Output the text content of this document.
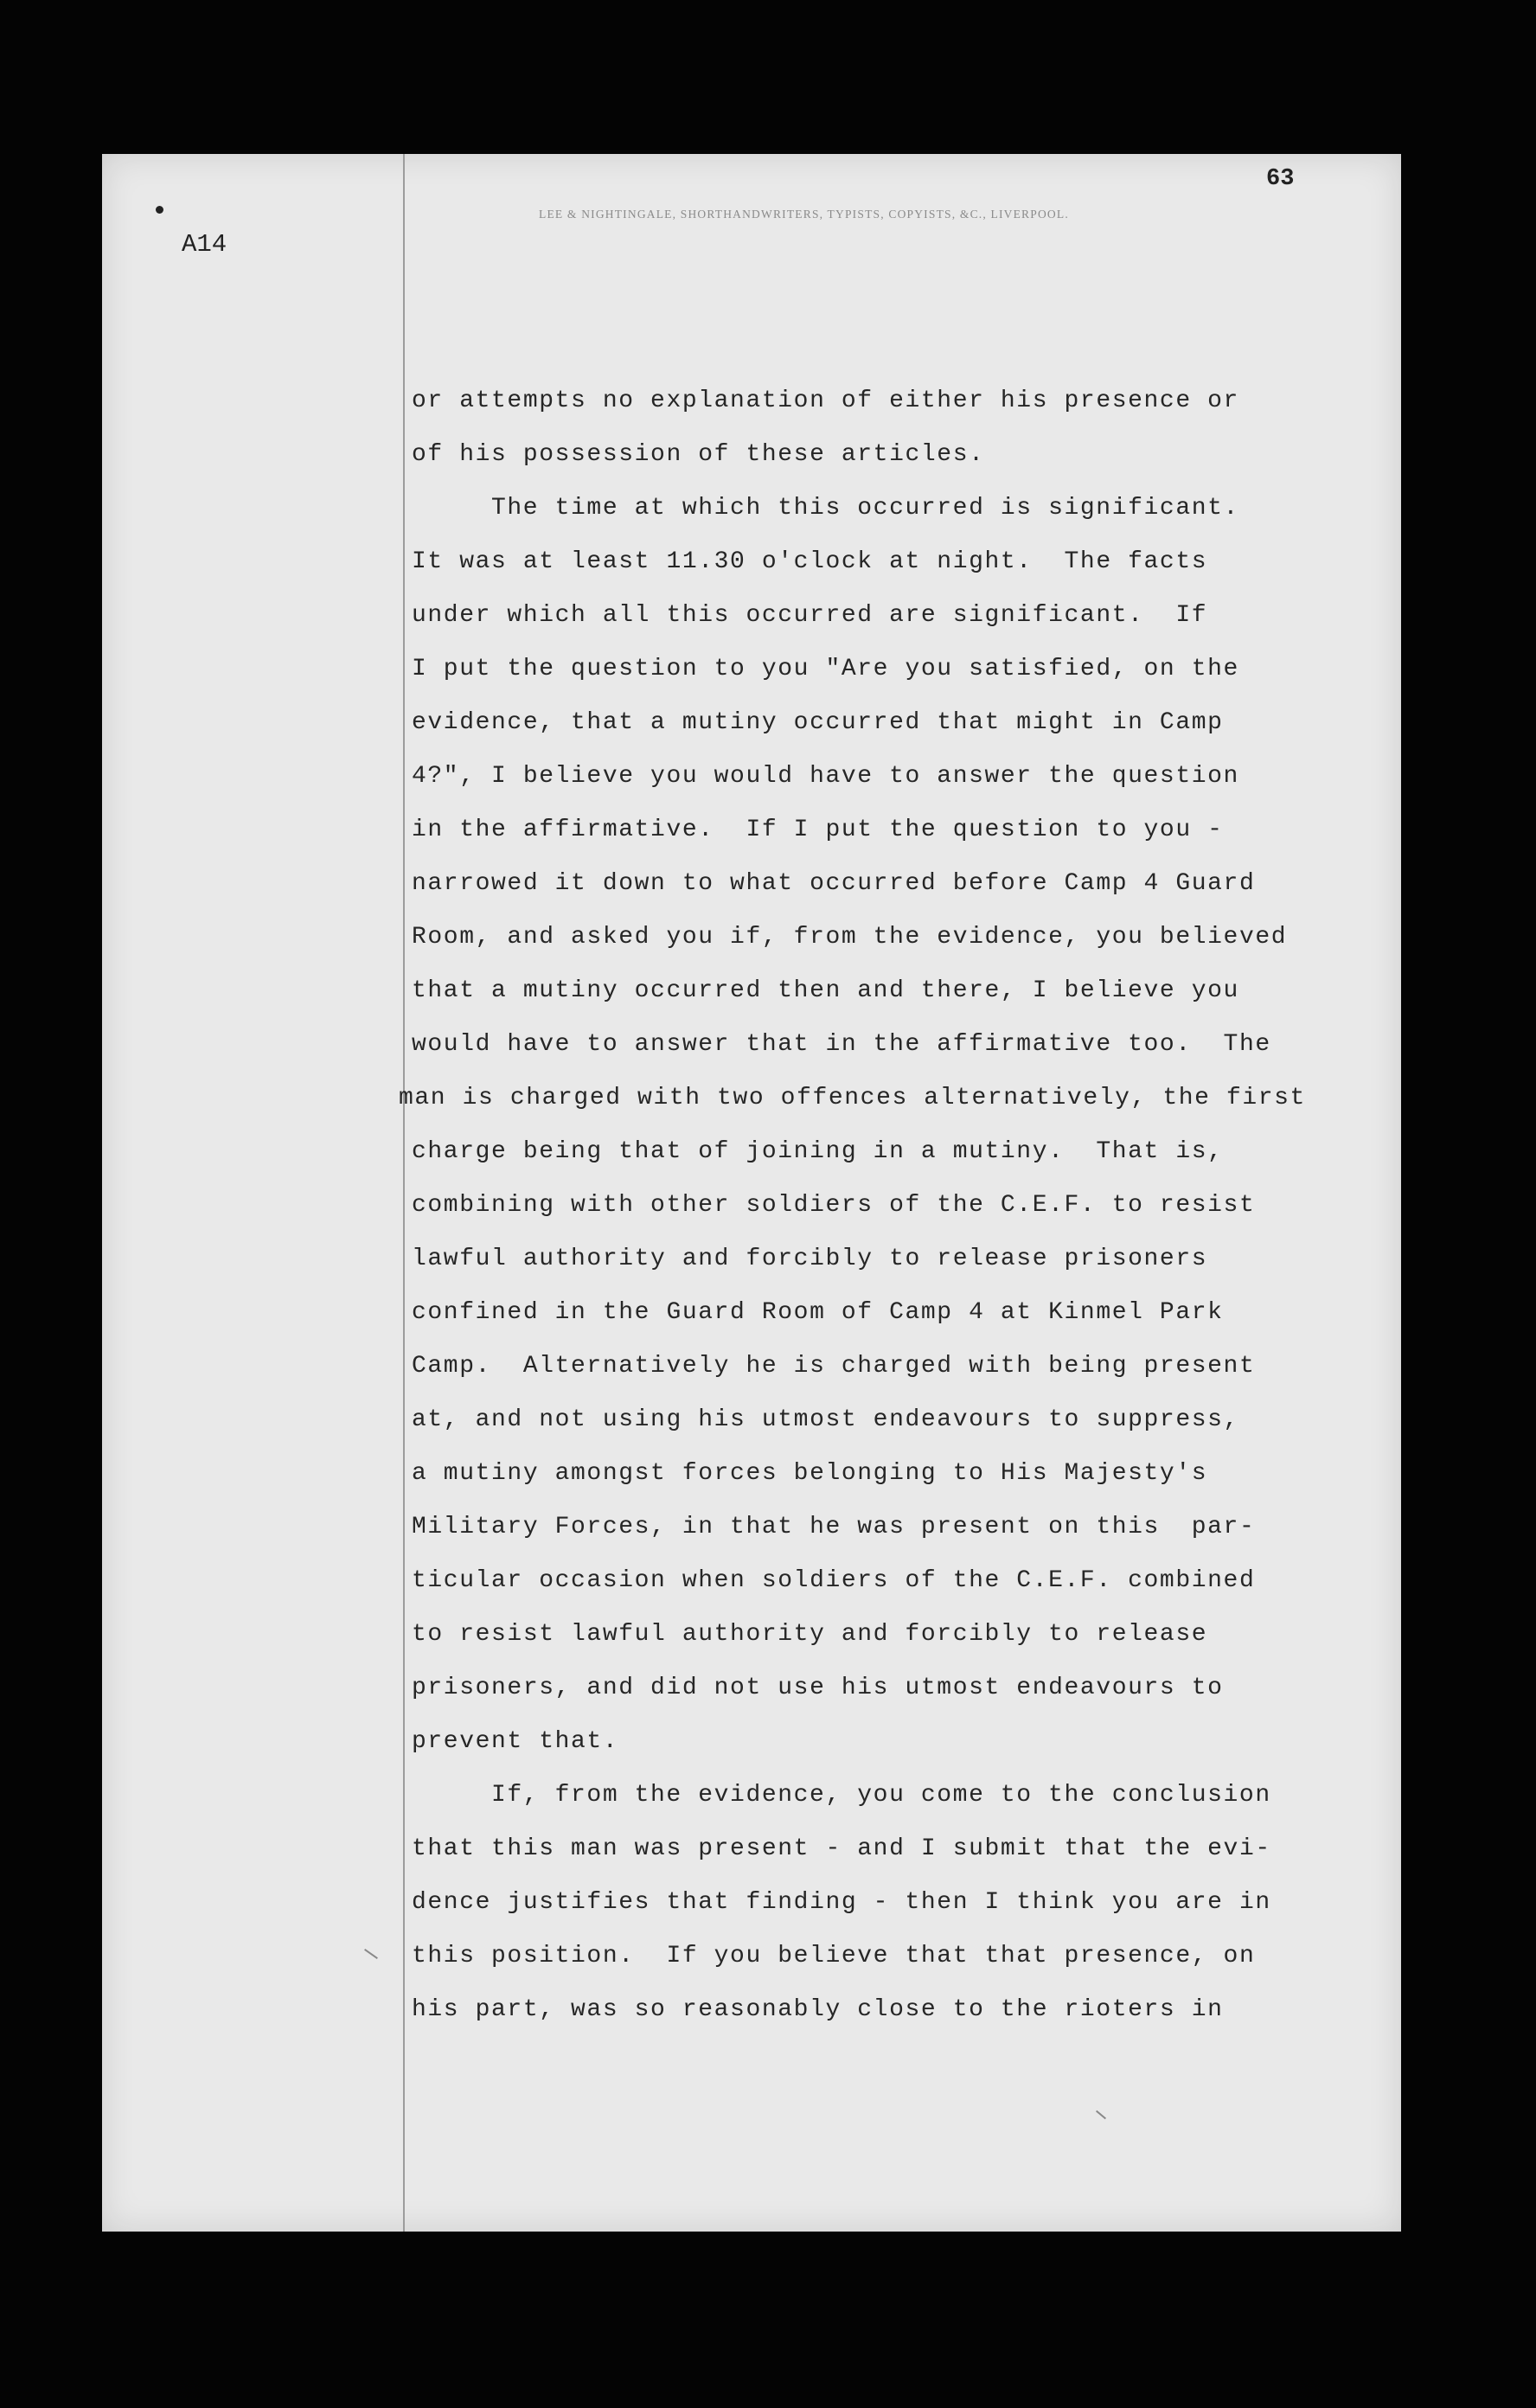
A14
LEE & NIGHTINGALE, SHORTHANDWRITERS, TYPISTS, COPYISTS, &C., LIVERPOOL.
63
or attempts no explanation of either his presence or
of his possession of these articles.
The time at which this occurred is significant.
It was at least 11.30 o'clock at night.  The facts
under which all this occurred are significant.  If
I put the question to you "Are you satisfied, on the
evidence, that a mutiny occurred that might in Camp
4?", I believe you would have to answer the question
in the affirmative.  If I put the question to you -
narrowed it down to what occurred before Camp 4 Guard
Room, and asked you if, from the evidence, you believed
that a mutiny occurred then and there, I believe you
would have to answer that in the affirmative too.  The
man is charged with two offences alternatively, the first
charge being that of joining in a mutiny.  That is,
combining with other soldiers of the C.E.F. to resist
lawful authority and forcibly to release prisoners
confined in the Guard Room of Camp 4 at Kinmel Park
Camp.  Alternatively he is charged with being present
at, and not using his utmost endeavours to suppress,
a mutiny amongst forces belonging to His Majesty's
Military Forces, in that he was present on this  par-
ticular occasion when soldiers of the C.E.F. combined
to resist lawful authority and forcibly to release
prisoners, and did not use his utmost endeavours to
prevent that.
If, from the evidence, you come to the conclusion
that this man was present - and I submit that the evi-
dence justifies that finding - then I think you are in
this position.  If you believe that that presence, on
his part, was so reasonably close to the rioters in
